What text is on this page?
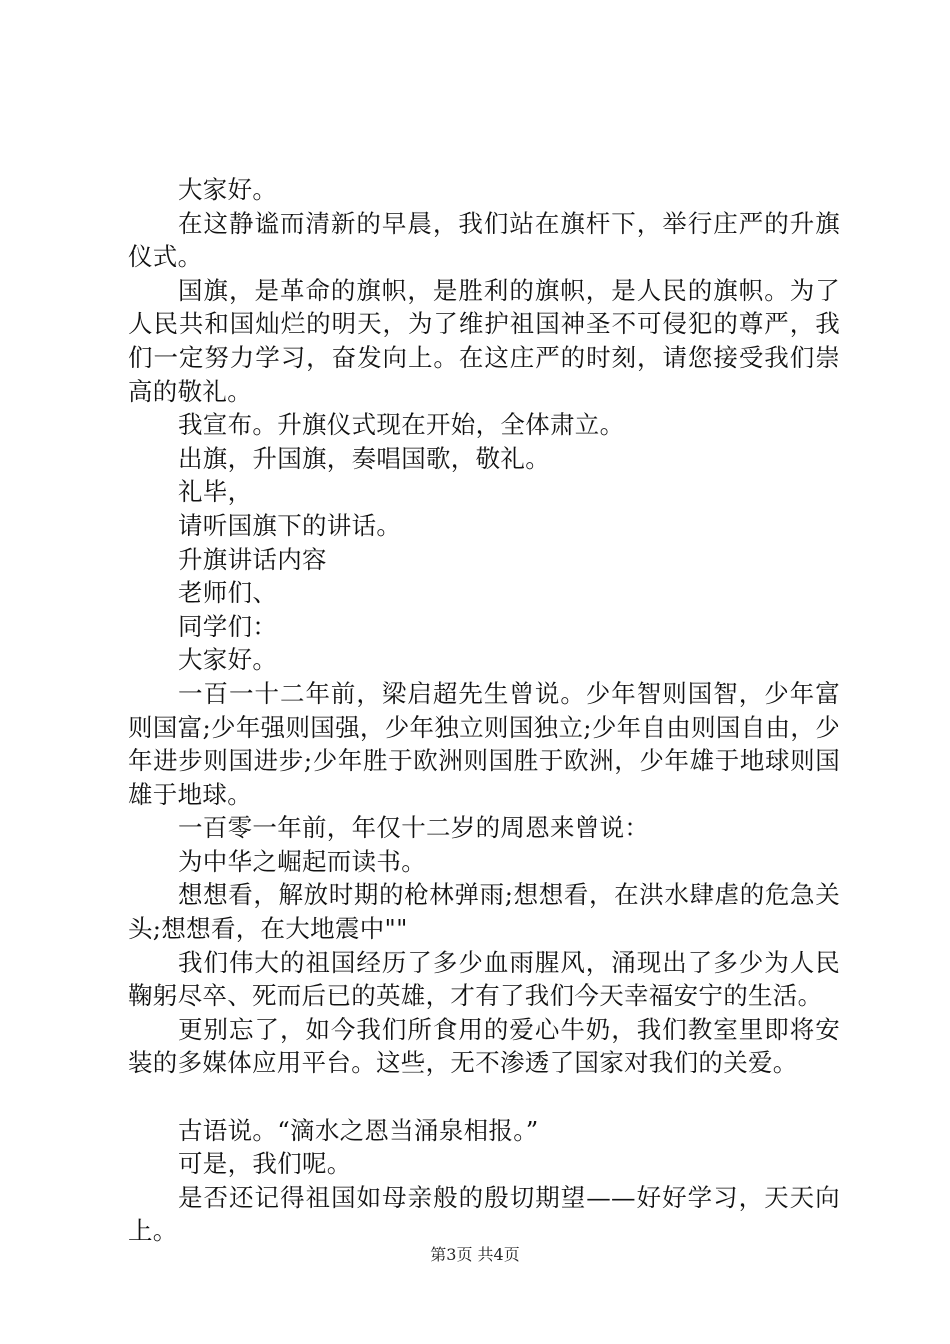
大家好。

在这静谧而清新的早晨，我们站在旗杆下，举行庄严的升旗仪式。

国旗，是革命的旗帜，是胜利的旗帜，是人民的旗帜。为了人民共和国灿烂的明天，为了维护祖国神圣不可侵犯的尊严，我们一定努力学习，奋发向上。在这庄严的时刻，请您接受我们崇高的敬礼。

我宣布。升旗仪式现在开始，全体肃立。

出旗，升国旗，奏唱国歌，敬礼。

礼毕，

请听国旗下的讲话。

升旗讲话内容

老师们、

同学们：

大家好。

一百一十二年前，梁启超先生曾说。少年智则国智，少年富则国富;少年强则国强，少年独立则国独立;少年自由则国自由，少年进步则国进步;少年胜于欧洲则国胜于欧洲，少年雄于地球则国雄于地球。

一百零一年前，年仅十二岁的周恩来曾说：

为中华之崛起而读书。

想想看，解放时期的枪林弹雨;想想看，在洪水肆虐的危急关头;想想看，在大地震中""

我们伟大的祖国经历了多少血雨腥风，涌现出了多少为人民鞠躬尽卒、死而后已的英雄，才有了我们今天幸福安宁的生活。

更别忘了，如今我们所食用的爱心牛奶，我们教室里即将安装的多媒体应用平台。这些，无不渗透了国家对我们的关爱。

古语说。“滴水之恩当涌泉相报。”

可是，我们呢。

是否还记得祖国如母亲般的殷切期望——好好学习，天天向上。

第3页 共4页
